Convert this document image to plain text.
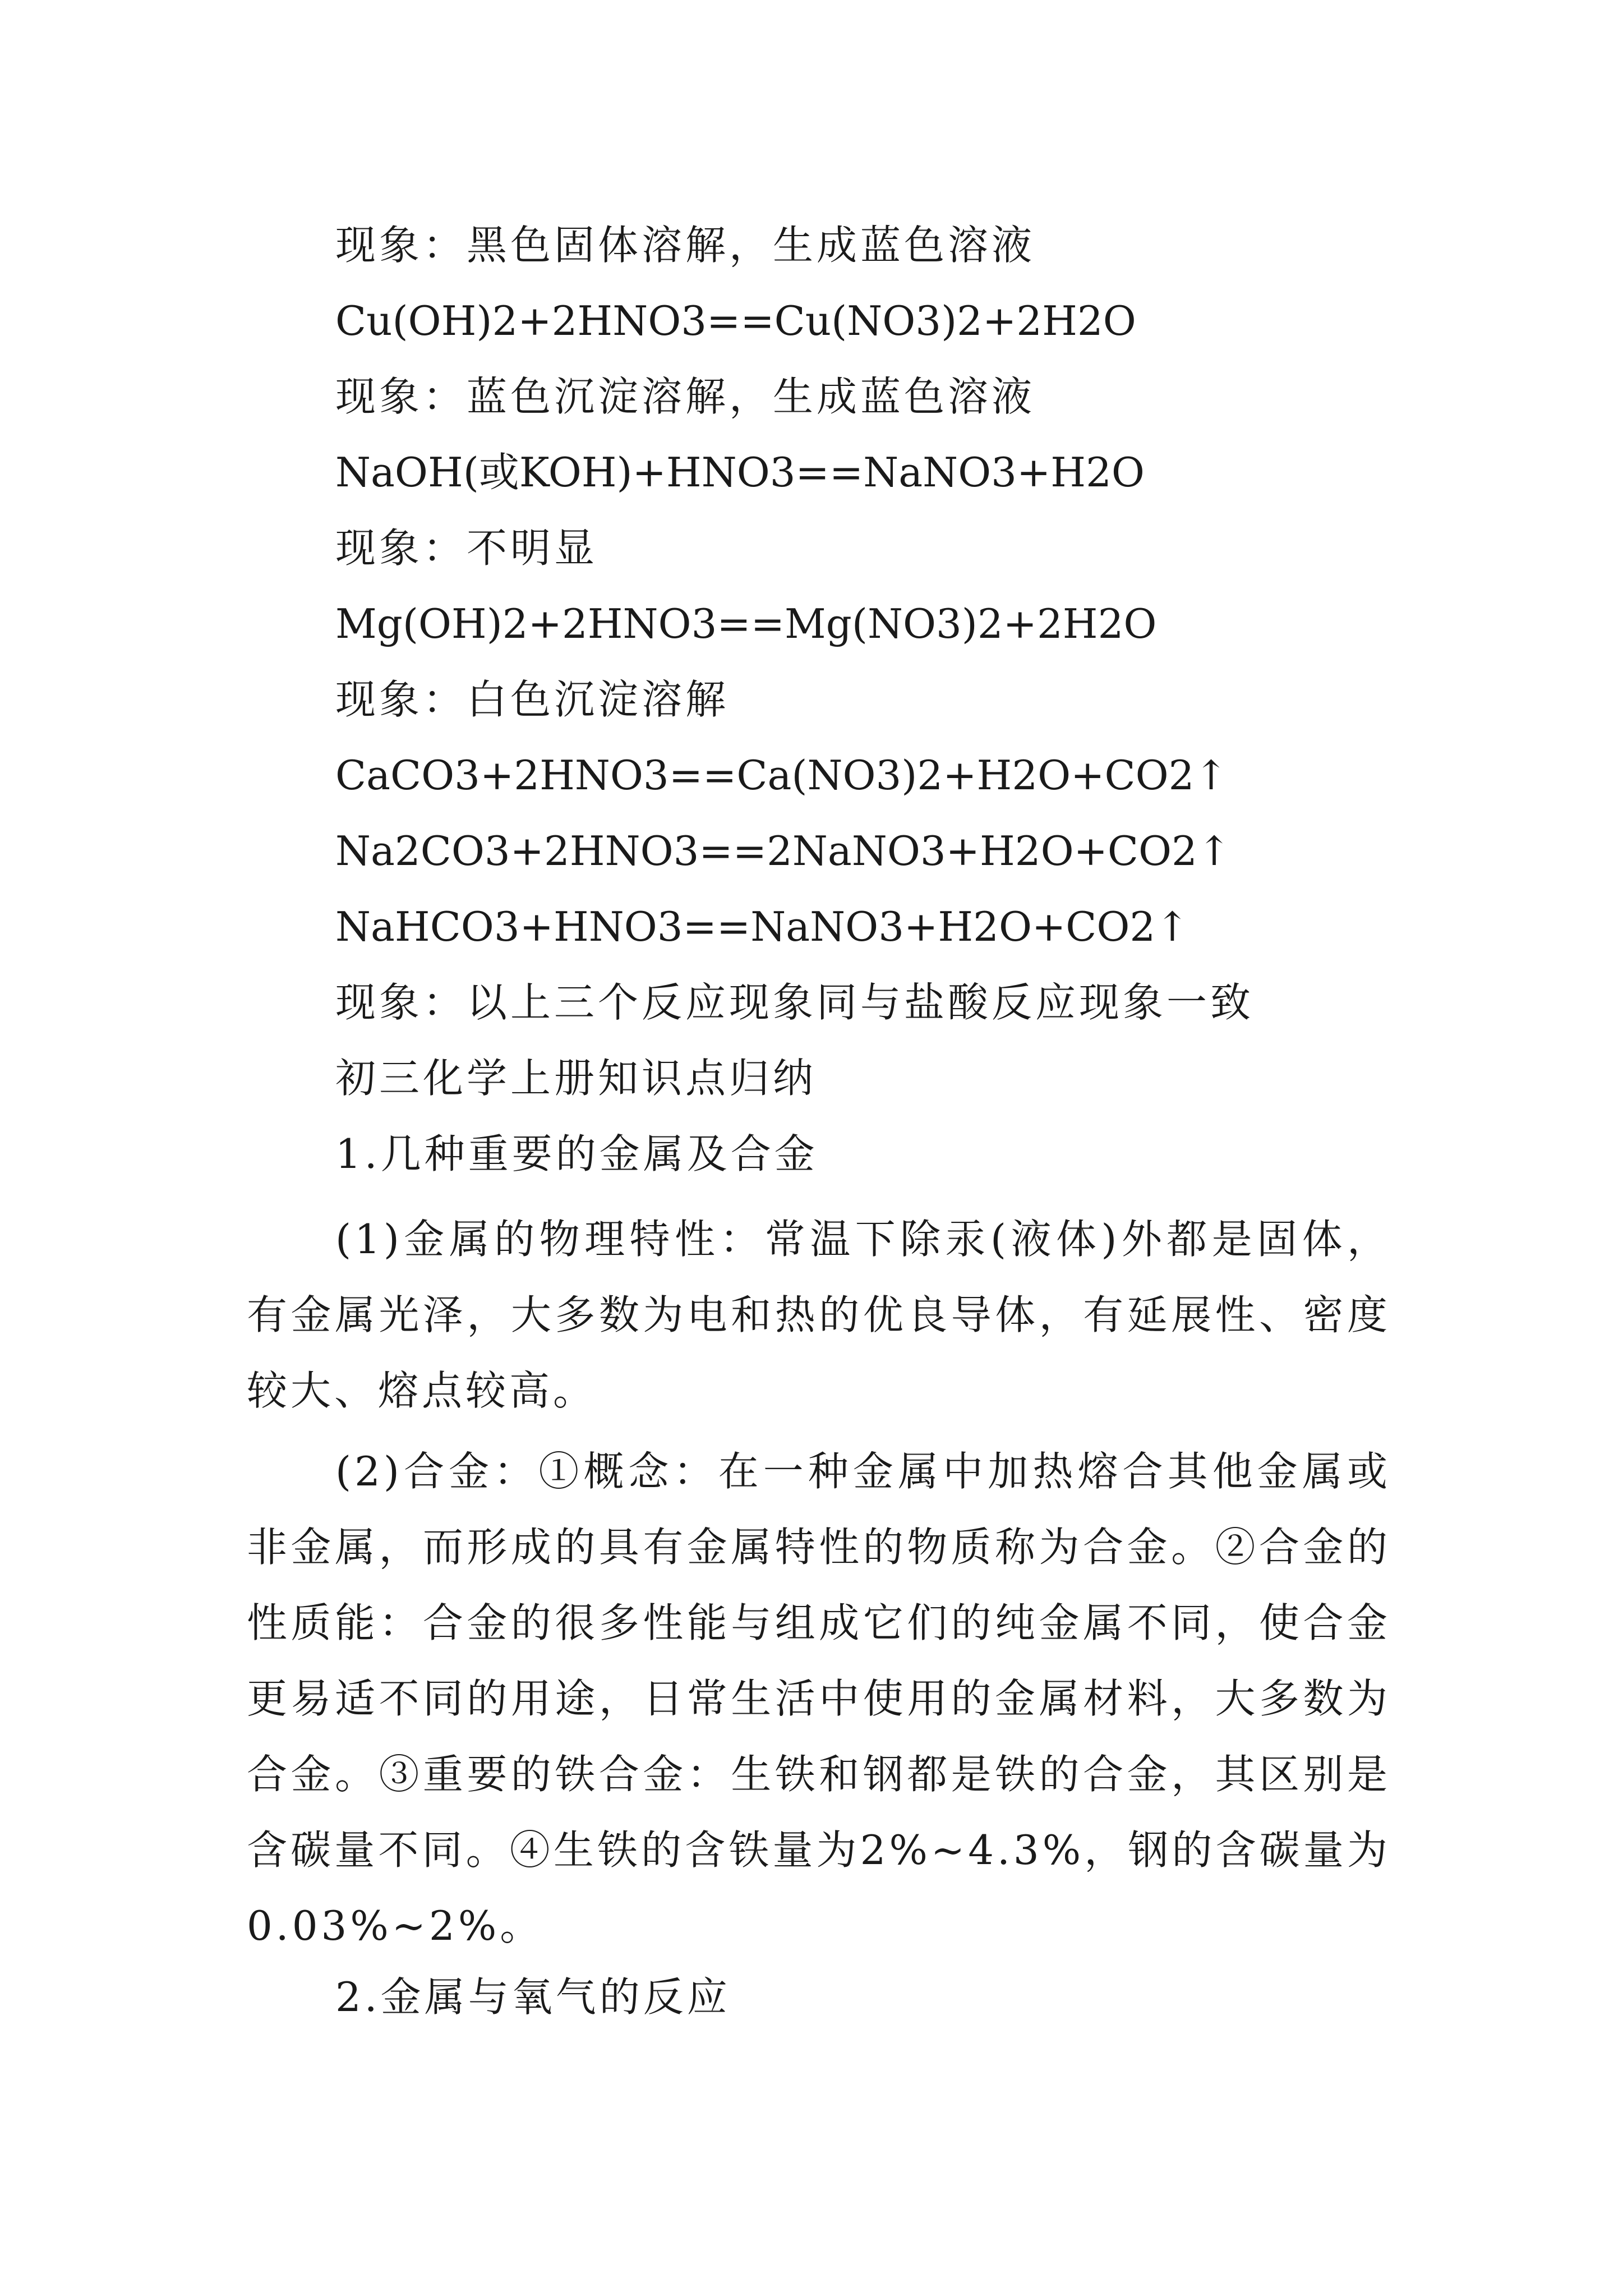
现象：黑色固体溶解，生成蓝色溶液
Cu(OH)2+2HNO3==Cu(NO3)2+2H2O
现象：蓝色沉淀溶解，生成蓝色溶液
NaOH(或KOH)+HNO3==NaNO3+H2O
现象：不明显
Mg(OH)2+2HNO3==Mg(NO3)2+2H2O
现象：白色沉淀溶解
CaCO3+2HNO3==Ca(NO3)2+H2O+CO2↑
Na2CO3+2HNO3==2NaNO3+H2O+CO2↑
NaHCO3+HNO3==NaNO3+H2O+CO2↑
现象：以上三个反应现象同与盐酸反应现象一致
初三化学上册知识点归纳
1.几种重要的金属及合金
(1)金属的物理特性：常温下除汞(液体)外都是固体，有金属光泽，大多数为电和热的优良导体，有延展性、密度较大、熔点较高。
(2)合金：①概念：在一种金属中加热熔合其他金属或非金属，而形成的具有金属特性的物质称为合金。②合金的性质能：合金的很多性能与组成它们的纯金属不同，使合金更易适不同的用途，日常生活中使用的金属材料，大多数为合金。③重要的铁合金：生铁和钢都是铁的合金，其区别是含碳量不同。④生铁的含铁量为2%~4.3%，钢的含碳量为0.03%~2%。
2.金属与氧气的反应
